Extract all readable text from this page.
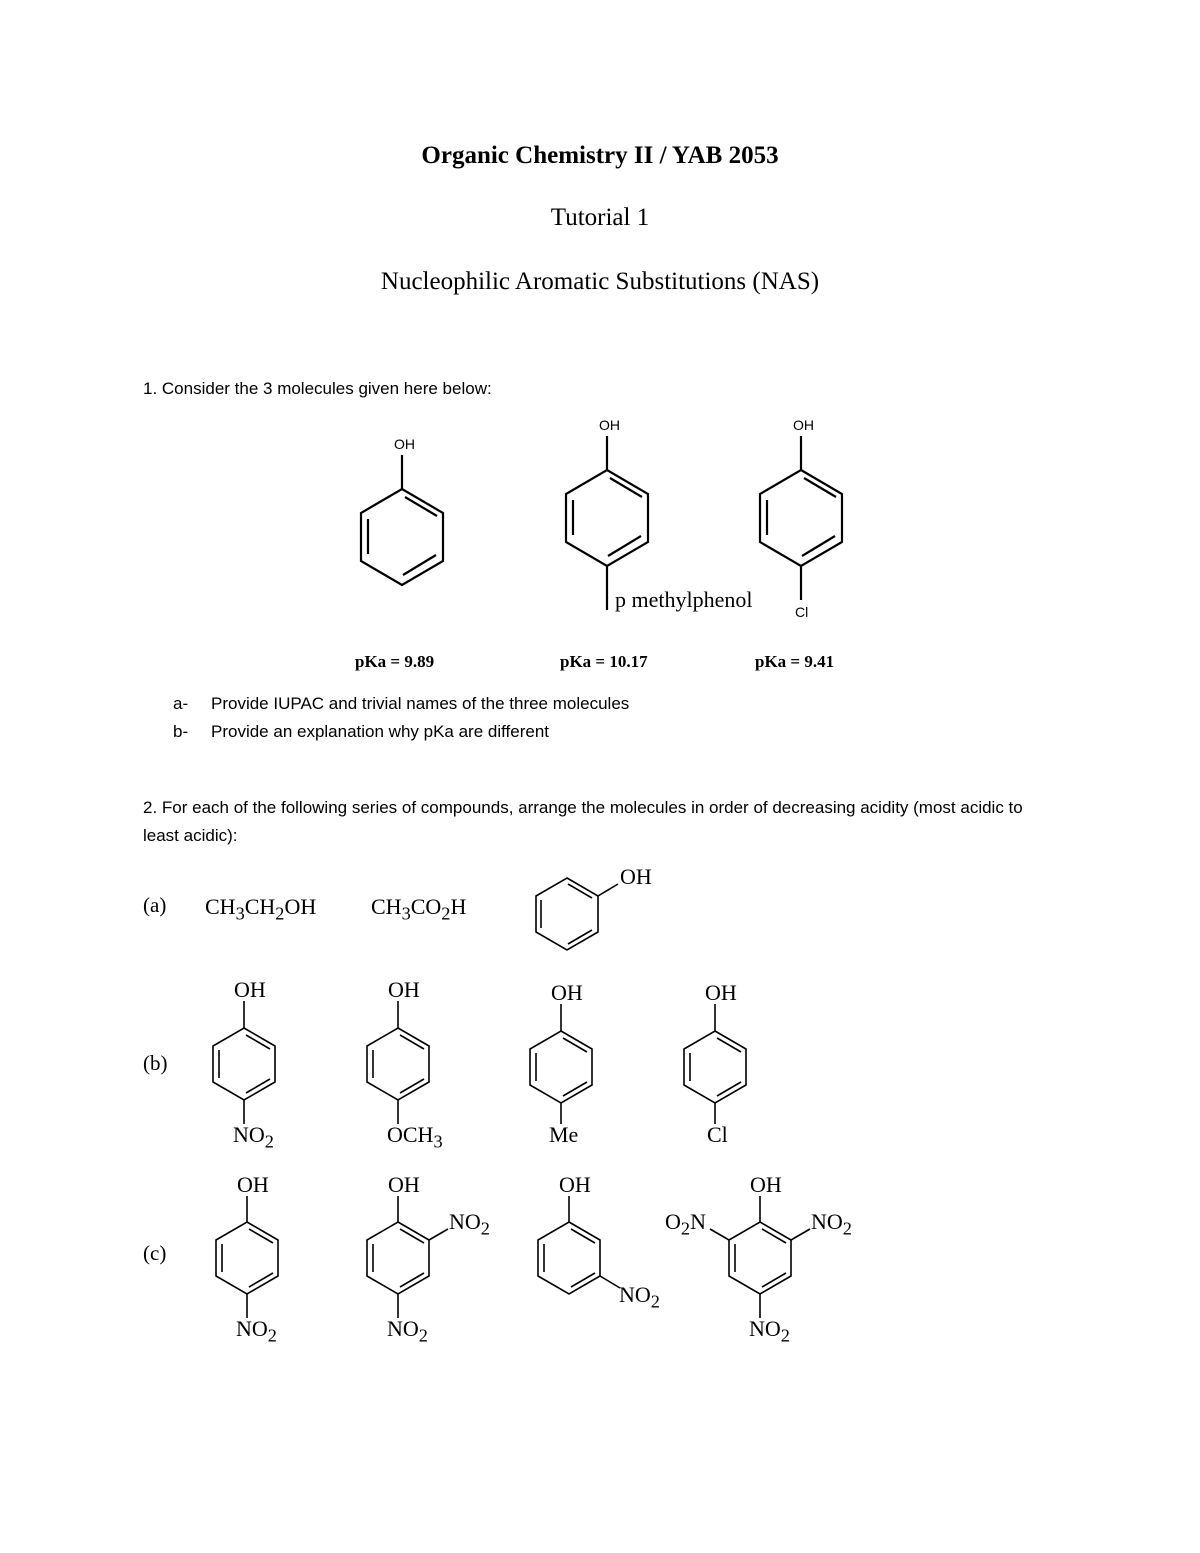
Organic Chemistry II / YAB 2053
Tutorial 1
Nucleophilic Aromatic Substitutions (NAS)
1. Consider the 3 molecules given here below:
OH
OH	OH
p methylphenol	Cl
pKa = 9.89	pKa = 10.17	pKa = 9.41
a- Provide IUPAC and trivial names of the three molecules
b- Provide an explanation why pKa are different
2. For each of the following series of compounds, arrange the molecules in order of decreasing acidity (most acidic to least acidic):
(a) $CH_3CH_2OH$ $CH_3CO_2H$
OH
(b)
OH	OH	OH	OH
$NO_2$	$OCH_3$	Me	Cl
(c)
OH	OH	OH	OH
$NO_2$
$NO_2$
$NO_2$
$NO_2$
$O_2N$	$NO_2$
$NO_2$
